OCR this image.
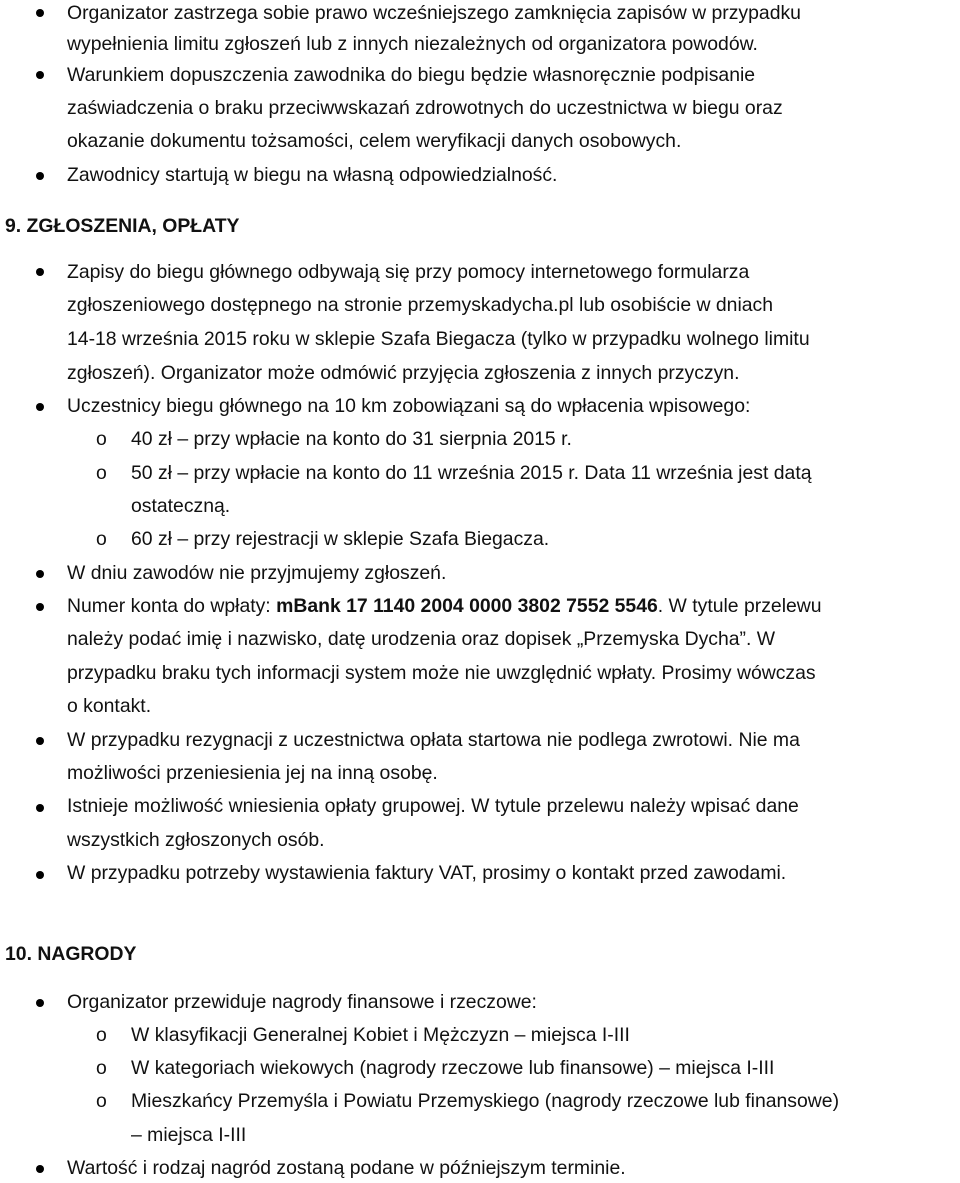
Organizator zastrzega sobie prawo wcześniejszego zamknięcia zapisów w przypadku
wypełnienia limitu zgłoszeń lub z innych niezależnych od organizatora powodów.
Warunkiem dopuszczenia zawodnika do biegu będzie własnoręcznie podpisanie
zaświadczenia o braku przeciwwskazań zdrowotnych do uczestnictwa w biegu oraz
okazanie dokumentu tożsamości, celem weryfikacji danych osobowych.
Zawodnicy startują w biegu na własną odpowiedzialność.
9. ZGŁOSZENIA, OPŁATY
Zapisy do biegu głównego odbywają się przy pomocy internetowego formularza
zgłoszeniowego dostępnego na stronie przemyskadycha.pl lub osobiście w dniach
14-18 września 2015 roku w sklepie Szafa Biegacza (tylko w przypadku wolnego limitu
zgłoszeń). Organizator może odmówić przyjęcia zgłoszenia z innych przyczyn.
Uczestnicy biegu głównego na 10 km zobowiązani są do wpłacenia wpisowego:
o 40 zł – przy wpłacie na konto do 31 sierpnia 2015 r.
o 50 zł – przy wpłacie na konto do 11 września 2015 r. Data 11 września jest datą
ostateczną.
o 60 zł – przy rejestracji w sklepie Szafa Biegacza.
W dniu zawodów nie przyjmujemy zgłoszeń.
Numer konta do wpłaty: mBank 17 1140 2004 0000 3802 7552 5546. W tytule przelewu
należy podać imię i nazwisko, datę urodzenia oraz dopisek „Przemyska Dycha”. W
przypadku braku tych informacji system może nie uwzględnić wpłaty. Prosimy wówczas
o kontakt.
W przypadku rezygnacji z uczestnictwa opłata startowa nie podlega zwrotowi. Nie ma
możliwości przeniesienia jej na inną osobę.
Istnieje możliwość wniesienia opłaty grupowej. W tytule przelewu należy wpisać dane
wszystkich zgłoszonych osób.
W przypadku potrzeby wystawienia faktury VAT, prosimy o kontakt przed zawodami.
10. NAGRODY
Organizator przewiduje nagrody finansowe i rzeczowe:
o W klasyfikacji Generalnej Kobiet i Mężczyzn – miejsca I-III
o W kategoriach wiekowych (nagrody rzeczowe lub finansowe) – miejsca I-III
o Mieszkańcy Przemyśla i Powiatu Przemyskiego (nagrody rzeczowe lub finansowe)
– miejsca I-III
Wartość i rodzaj nagród zostaną podane w późniejszym terminie.
